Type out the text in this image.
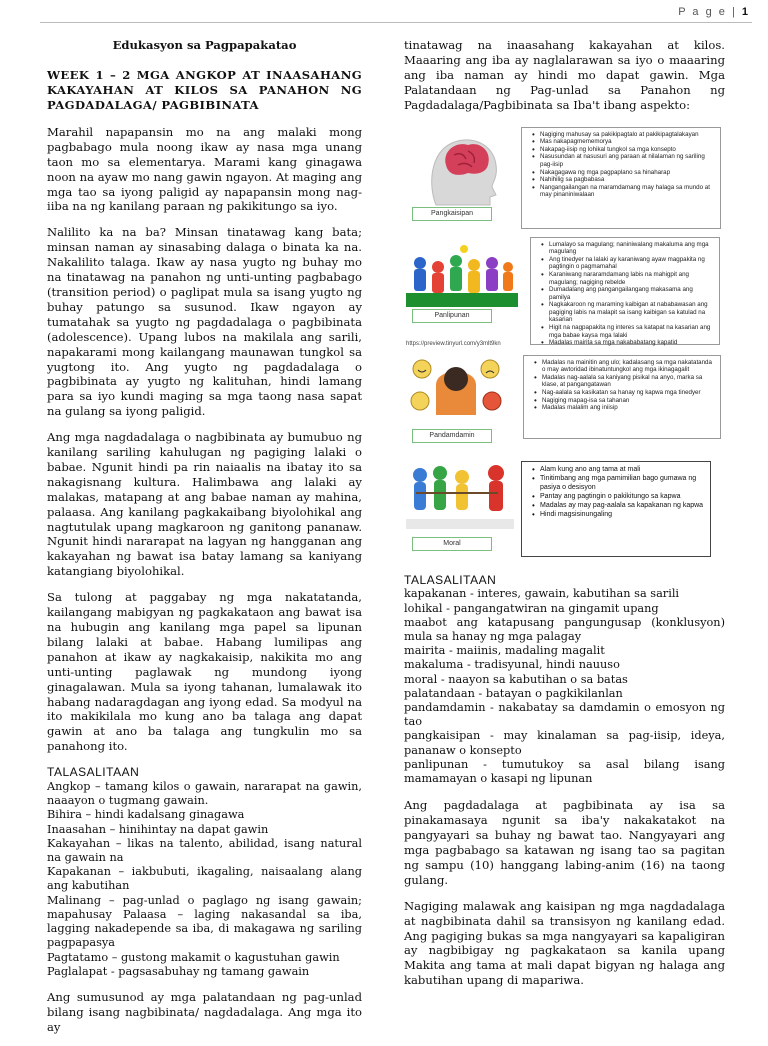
P a g e | 1
Edukasyon sa Pagpapakatao
WEEK 1 – 2 MGA ANGKOP AT INAASAHANG KAKAYAHAN AT KILOS SA PANAHON NG PAGDADALAGA/ PAGBIBINATA

Marahil napapansin mo na ang malaki mong pagbabago mula noong ikaw ay nasa mga unang taon mo sa elementarya. Marami kang ginagawa noon na ayaw mo nang gawin ngayon. At maging ang mga tao sa iyong paligid ay napapansin mong nag-iiba na ng kanilang paraan ng pakikitungo sa iyo.

Nalilito ka na ba? Minsan tinatawag kang bata; minsan naman ay sinasabing dalaga o binata ka na. Nakalilito talaga. Ikaw ay nasa yugto ng buhay mo na tinatawag na panahon ng unti-unting pagbabago (transition period) o paglipat mula sa isang yugto ng buhay patungo sa susunod. Ikaw ngayon ay tumatahak sa yugto ng pagdadalaga o pagbibinata (adolescence). Upang lubos na makilala ang sarili, napakarami mong kailangang maunawan tungkol sa yugtong ito. Ang yugto ng pagdadalaga o pagbibinata ay yugto ng kalituhan, hindi lamang para sa iyo kundi maging sa mga taong nasa sapat na gulang sa iyong paligid.

Ang mga nagdadalaga o nagbibinata ay bumubuo ng kanilang sariling kahulugan ng pagiging lalaki o babae. Ngunit hindi pa rin naiaalis na ibatay ito sa nakagisnang kultura. Halimbawa ang lalaki ay malakas, matapang at ang babae naman ay mahina, palaasa. Ang kanilang pagkakaibang biyolohikal ang nagtutulak upang magkaroon ng ganitong pananaw. Ngunit hindi nararapat na lagyan ng hangganan ang kakayahan ng bawat isa batay lamang sa kaniyang katangiang biyolohikal.

Sa tulong at paggabay ng mga nakatatanda, kailangang mabigyan ng pagkakataon ang bawat isa na hubugin ang kanilang mga papel sa lipunan bilang lalaki at babae. Habang lumilipas ang panahon at ikaw ay nagkakaisip, nakikita mo ang unti-unting paglawak ng mundong iyong ginagalawan. Mula sa iyong tahanan, lumalawak ito habang nadaragdagan ang iyong edad. Sa modyul na ito makikilala mo kung ano ba talaga ang dapat gawin at ano ba talaga ang tungkulin mo sa panahong ito.

TALASALITAAN
Angkop – tamang kilos o gawain, nararapat na gawin, naaayon o tugmang gawain.
Bihira – hindi kadalsang ginagawa
Inaasahan – hinihintay na dapat gawin
Kakayahan – likas na talento, abilidad, isang natural na gawain na
Kapakanan – iakbubuti, ikagaling, naisaalang alang ang kabutihan
Malinang – pag-unlad o paglago ng isang gawain; mapahusay Palaasa – laging nakasandal sa iba, lagging nakadepende sa iba, di makagawa ng sariling pagpapasya
Pagtatamo – gustong makamit o kagustuhan gawin
Paglalapat - pagsasabuhay ng tamang gawain

Ang sumusunod ay mga palatandaan ng pag-unlad bilang isang nagbibinata/ nagdadalaga. Ang mga ito ay

tinatawag na inaasahang kakayahan at kilos. Maaaring ang iba ay naglalarawan sa iyo o maaaring ang iba naman ay hindi mo dapat gawin. Mga Palatandaan ng Pag-unlad sa Panahon ng Pagdadalaga/Pagbibinata sa Iba't ibang aspekto:

Pangkaisipan
• Nagiging mahusay sa pakikipagtalo at pakikipagtalakayan
• Mas nakapagmememorya
• Nakapag-iisip ng lohikal tungkol sa mga konsepto
• Nasusundan at nasusuri ang paraan at nilalaman ng sariling pag-iisip
• Nakagagawa ng mga pagpaplano sa hinaharap
• Nahihilig sa pagbabasa
• Nangangailangan na maramdamang may halaga sa mundo at may pinaniniwalaan
Panlipunan
• Lumalayo sa magulang; naniniwalang makaluma ang mga magulang
• Ang tinedyer na lalaki ay karaniwang ayaw magpakita ng pagtingin o pagmamahal
• Karaniwang nararamdamang labis na mahigpit ang magulang; nagiging rebelde
• Dumadalang ang pangangailangang makasama ang pamilya
• Nagkakaroon ng maraming kaibigan at nababawasan ang pagiging labis na malapit sa isang kaibigan sa katulad na kasarian
• Higit na nagpapakita ng interes sa katapat na kasarian ang mga babae kaysa mga lalaki
• Madalas mairita sa mga nakababatang kapatid
https://preview.tinyurl.com/y3mlt9kn
Pandamdamin
• Madalas na mainitin ang ulo; kadalasang sa mga nakatatanda o may awtoridad ibinatuntungkol ang mga ikinagagalit
• Madalas nag-aalala sa kaniyang pisikal na anyo, marka sa klase, at pangangatawan
• Nag-aalala sa kasikatan sa hanay ng kapwa mga tinedyer
• Nagiging mapag-isa sa tahanan
• Madalas malalim ang iniisip
Moral
• Alam kung ano ang tama at mali
• Tinitimbang ang mga pamimilian bago gumawa ng pasiya o desisyon
• Pantay ang pagtingin o pakikitungo sa kapwa
• Madalas ay may pag-aalala sa kapakanan ng kapwa
• Hindi magsisinungaling
TALASALITAAN
kapakanan - interes, gawain, kabutihan sa sarili
lohikal - pangangatwiran na gingamit upang
maabot ang katapusang pangungusap (konklusyon) mula sa hanay ng mga palagay
mairita - maiinis, madaling magalit
makaluma - tradisyunal, hindi nauuso
moral - naayon sa kabutihan o sa batas
palatandaan - batayan o pagkikilanlan
pandamdamin - nakabatay sa damdamin o emosyon ng tao
pangkaisipan - may kinalaman sa pag-iisip, ideya, pananaw o konsepto
panlipunan - tumutukoy sa asal bilang isang mamamayan o kasapi ng lipunan

Ang pagdadalaga at pagbibinata ay isa sa pinakamasaya ngunit sa iba'y nakakatakot na pangyayari sa buhay ng bawat tao. Nangyayari ang mga pagbabago sa katawan ng isang tao sa pagitan ng sampu (10) hanggang labing-anim (16) na taong gulang.

Nagiging malawak ang kaisipan ng mga nagdadalaga at nagbibinata dahil sa transisyon ng kanilang edad. Ang pagiging bukas sa mga nangyayari sa kapaligiran ay nagbibigay ng pagkakataon sa kanila upang Makita ang tama at mali dapat bigyan ng halaga ang kabutihan upang di mapariwa.
